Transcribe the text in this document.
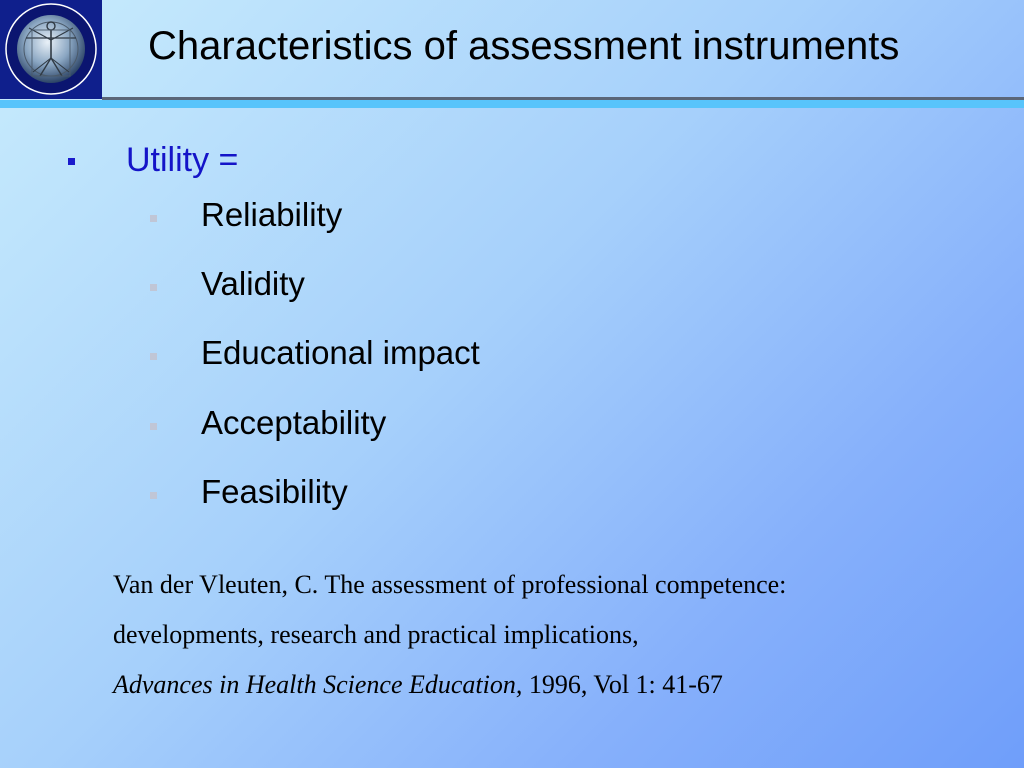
Characteristics of assessment instruments
Utility =
Reliability
Validity
Educational impact
Acceptability
Feasibility
Van der Vleuten, C. The assessment of professional competence:
developments, research and practical implications,
Advances in Health Science Education, 1996, Vol 1: 41-67
